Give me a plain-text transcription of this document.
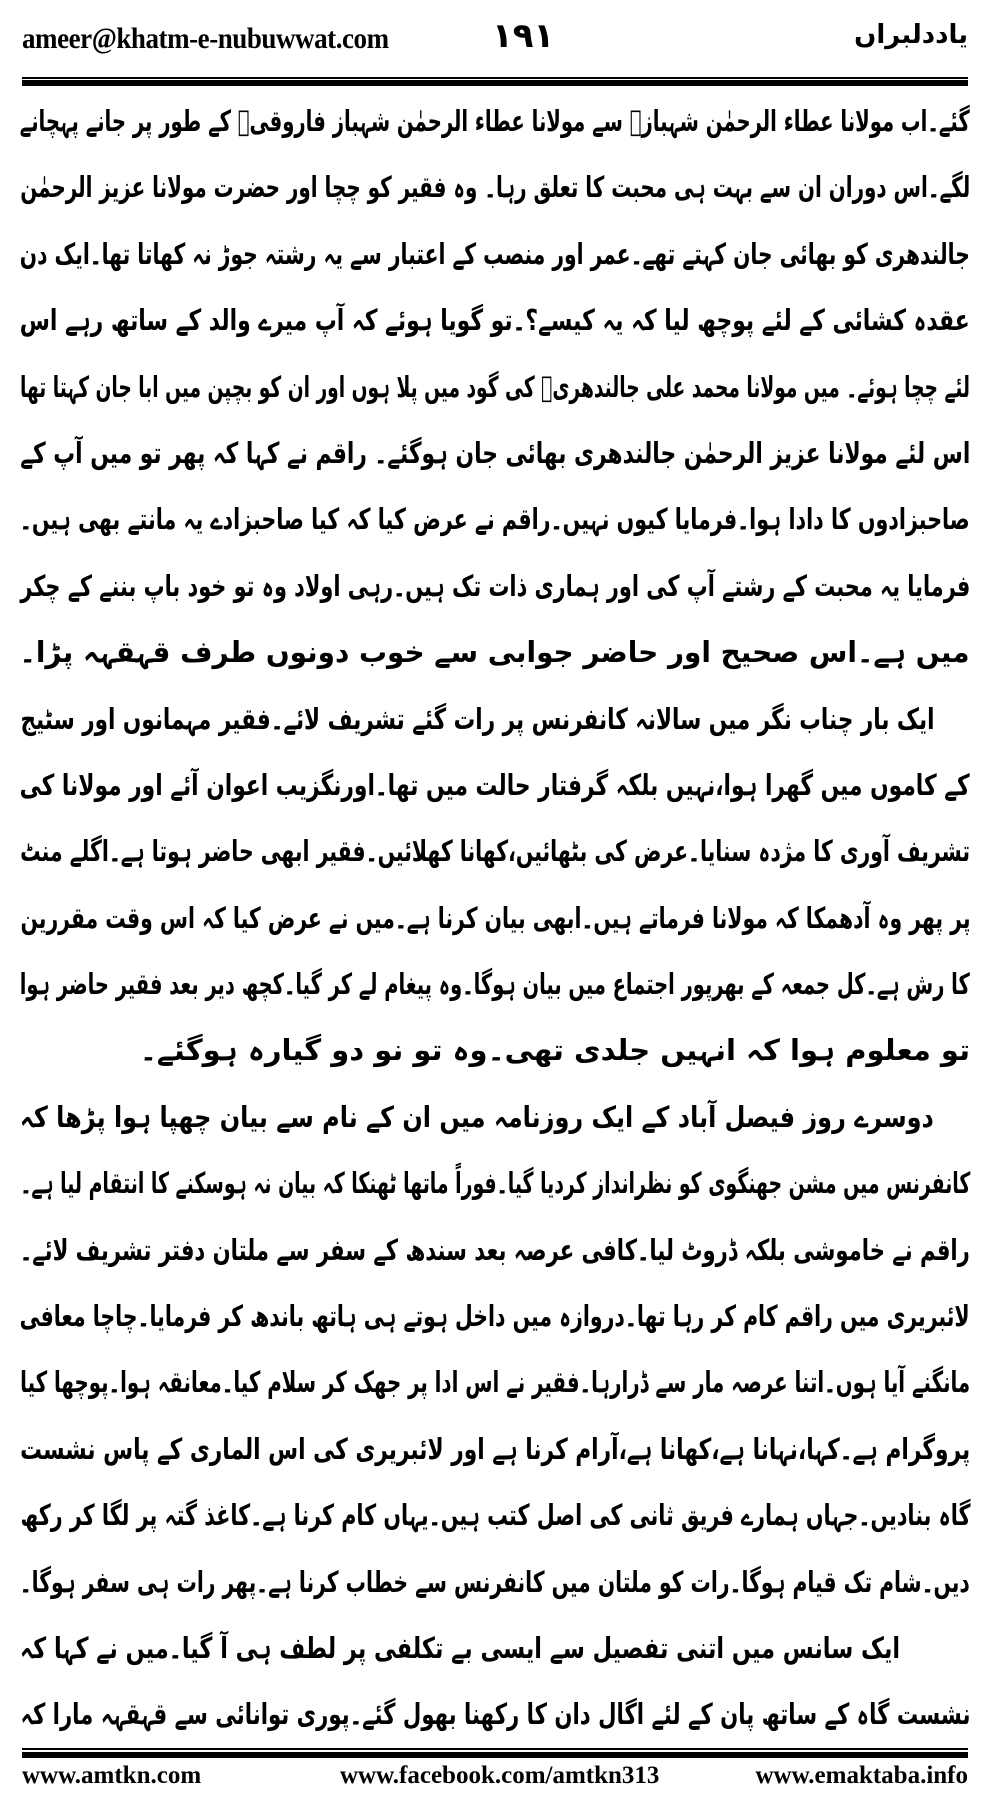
ameer@khatm-e-nubuwwat.com	١٩١	یاددلبراں
گئے۔اب مولانا عطاء الرحمٰن شہبازؒ سے مولانا عطاء الرحمٰن شہباز فاروقیؒ کے طور پر جانے پہچانے
لگے۔اس دوران ان سے بہت ہی محبت کا تعلق رہا۔ وہ فقیر کو چچا اور حضرت مولانا عزیز الرحمٰن
جالندھری کو بھائی جان کہتے تھے۔عمر اور منصب کے اعتبار سے یہ رشتہ جوڑ نہ کھاتا تھا۔ایک دن
عقدہ کشائی کے لئے پوچھ لیا کہ یہ کیسے؟۔تو گویا ہوئے کہ آپ میرے والد کے ساتھ رہے اس
لئے چچا ہوئے۔ میں مولانا محمد علی جالندھریؒ کی گود میں پلا ہوں اور ان کو بچپن میں ابا جان کہتا تھا
اس لئے مولانا عزیز الرحمٰن جالندھری بھائی جان ہوگئے۔ راقم نے کہا کہ پھر تو میں آپ کے
صاحبزادوں کا دادا ہوا۔فرمایا کیوں نہیں۔راقم نے عرض کیا کہ کیا صاحبزادے یہ مانتے بھی ہیں۔
فرمایا یہ محبت کے رشتے آپ کی اور ہماری ذات تک ہیں۔رہی اولاد وہ تو خود باپ بننے کے چکر
میں ہے۔اس صحیح اور حاضر جوابی سے خوب دونوں طرف قہقہہ پڑا۔
ایک بار چناب نگر میں سالانہ کانفرنس پر رات گئے تشریف لائے۔فقیر مہمانوں اور سٹیج
کے کاموں میں گھرا ہوا،نہیں بلکہ گرفتار حالت میں تھا۔اورنگزیب اعوان آئے اور مولانا کی
تشریف آوری کا مژدہ سنایا۔عرض کی بٹھائیں،کھانا کھلائیں۔فقیر ابھی حاضر ہوتا ہے۔اگلے منٹ
پر پھر وہ آدھمکا کہ مولانا فرماتے ہیں۔ابھی بیان کرنا ہے۔میں نے عرض کیا کہ اس وقت مقررین
کا رش ہے۔کل جمعہ کے بھرپور اجتماع میں بیان ہوگا۔وہ پیغام لے کر گیا۔کچھ دیر بعد فقیر حاضر ہوا
تو معلوم ہوا کہ انہیں جلدی تھی۔وہ تو نو دو گیارہ ہوگئے۔
دوسرے روز فیصل آباد کے ایک روزنامہ میں ان کے نام سے بیان چھپا ہوا پڑھا کہ
کانفرنس میں مشن جھنگوی کو نظرانداز کردیا گیا۔فوراً ماتھا ٹھنکا کہ بیان نہ ہوسکنے کا انتقام لیا ہے۔
راقم نے خاموشی بلکہ ڈروٹ لیا۔کافی عرصہ بعد سندھ کے سفر سے ملتان دفتر تشریف لائے۔
لائبریری میں راقم کام کر رہا تھا۔دروازہ میں داخل ہوتے ہی ہاتھ باندھ کر فرمایا۔چاچا معافی
مانگنے آیا ہوں۔اتنا عرصہ مار سے ڈرارہا۔فقیر نے اس ادا پر جھک کر سلام کیا۔معانقہ ہوا۔پوچھا کیا
پروگرام ہے۔کہا،نہانا ہے،کھانا ہے،آرام کرنا ہے اور لائبریری کی اس الماری کے پاس نشست
گاہ بنادیں۔جہاں ہمارے فریق ثانی کی اصل کتب ہیں۔یہاں کام کرنا ہے۔کاغذ گتہ پر لگا کر رکھ
دیں۔شام تک قیام ہوگا۔رات کو ملتان میں کانفرنس سے خطاب کرنا ہے۔پھر رات ہی سفر ہوگا۔
ایک سانس میں اتنی تفصیل سے ایسی بے تکلفی پر لطف ہی آ گیا۔میں نے کہا کہ
نشست گاہ کے ساتھ پان کے لئے اگال دان کا رکھنا بھول گئے۔پوری توانائی سے قہقہہ مارا کہ
www.amtkn.com	www.facebook.com/amtkn313	www.emaktaba.info
